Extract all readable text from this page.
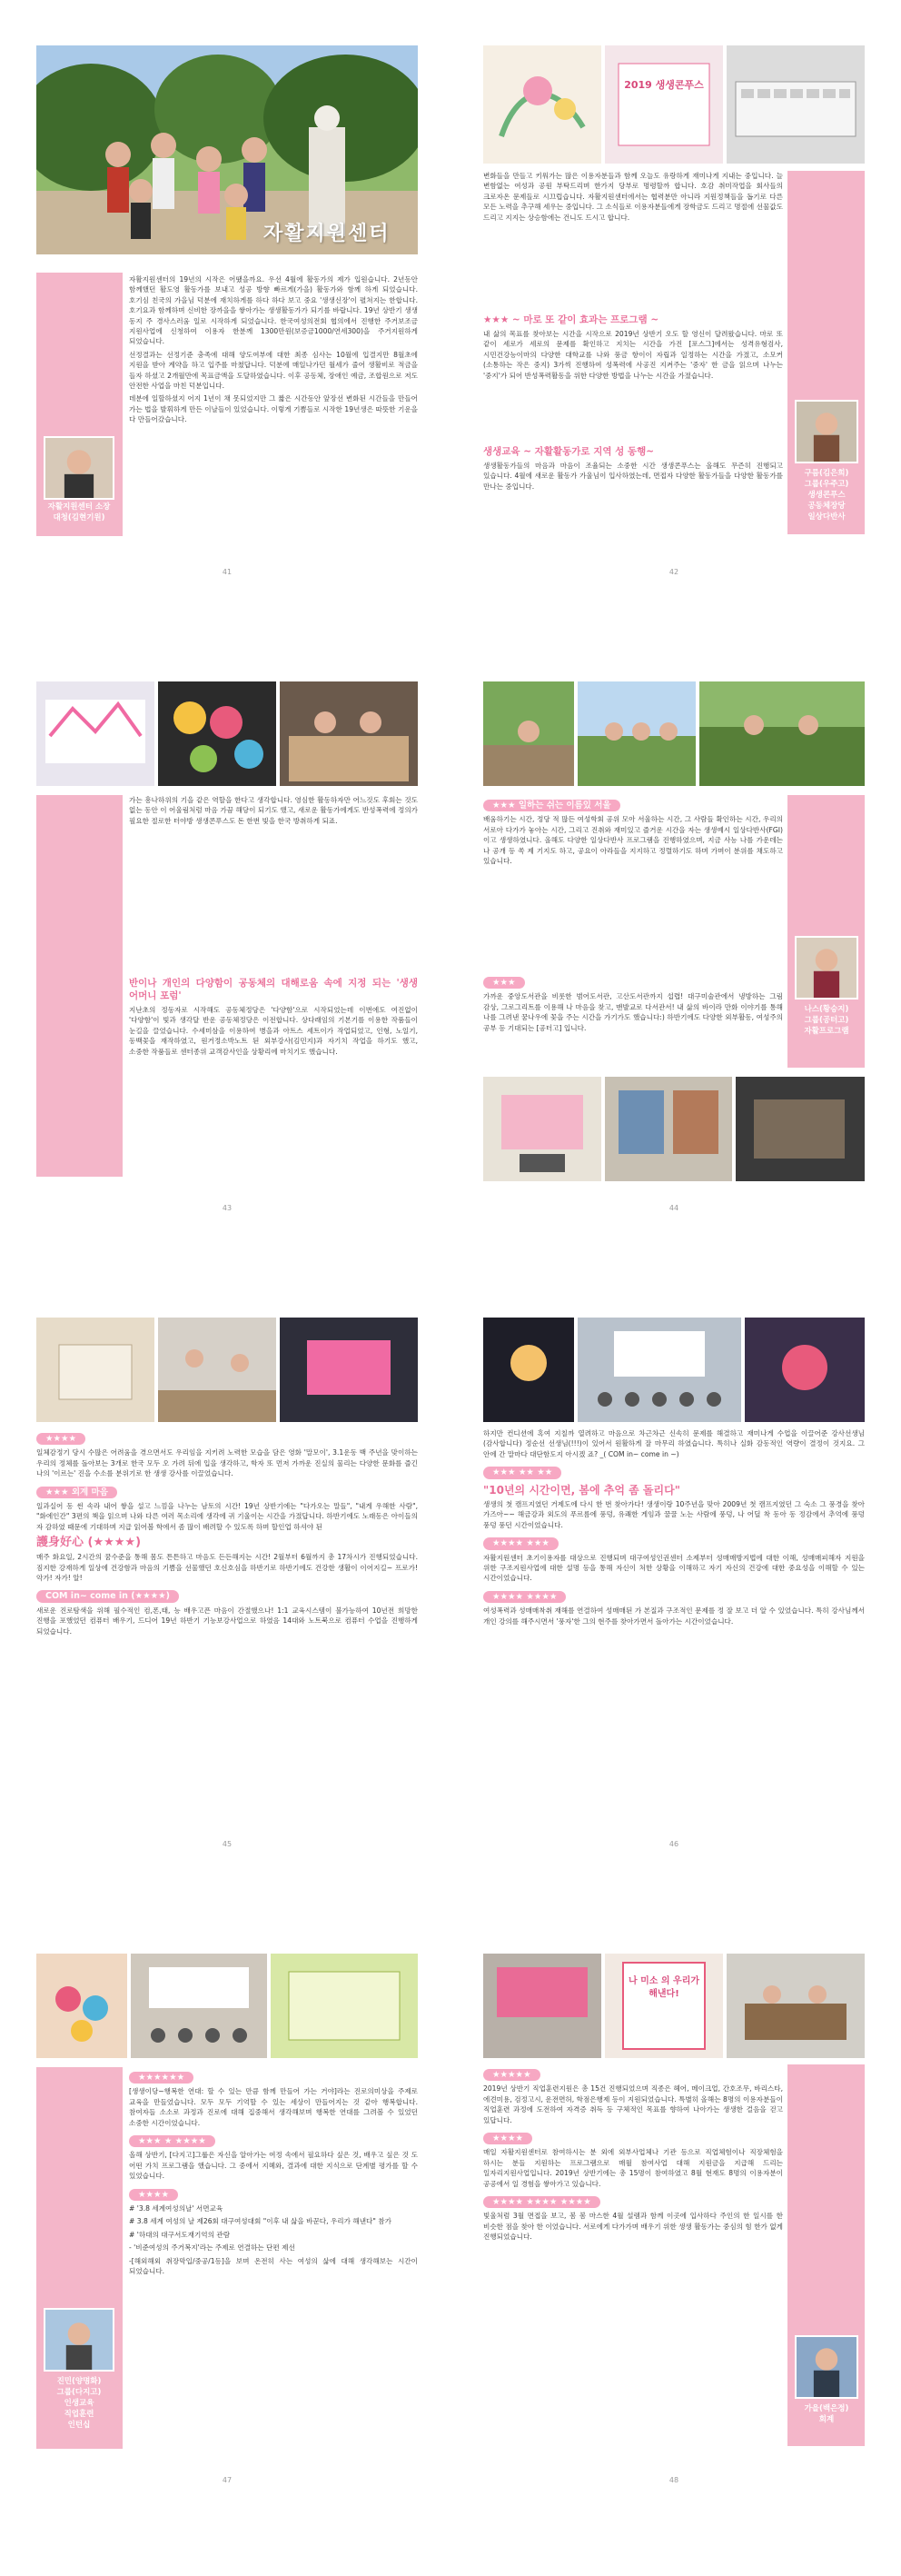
자활지원센터
자활지원센터 소장
대청(김현기원)

자활지원센터의 19년의 시작은 어땠을까요. 우선 4월에 활동가의 제가 입원습니다. 2년동안 함께했던 활도영 활동가를 보내고 성공 방향 빠르게(가을) 활동가와 함께 하게 되었습니다. 호기심 친국의 가을님 덕분에 재치하게를 하다 하다 보고 중요 '생생신장'이 펼쳐지는 한합니다. 호기요과 함께하며 신비한 장까을을 쌓아가는 생생활동가가 되기를 바랍니다. 19년 상반기 생생 동지 주 경사스러움 일로 시작하게 되었습니다. 한국여성의전회 협의에서 진행한 주거보조금 지원사업에 신청하여 이용자 한분께 1300만원(보증금1000/연세300)을 주거지원하게 되었습니다.

선정결과는 선정기준 충족에 대해 양도여부에 대한 최종 심사는 10월에 입결지만 8월초에 지원을 받아 계약을 하고 입주를 마쳤답니다. 덕분에 매일나가던 월세가 줄어 생활비로 적금을 들자 하셨고 2개월만에 목표금액을 도달하였습니다. 이후 공동체, 장애인 예금, 조합원으로 저도 안전한 사업을 마친 덕분입니다.

데분에 일할하셨지 어지 1년이 채 못되었지만 그 짧은 시간동안 앞장선 변화된 시간들을 만들어 가는 법을 발휘하게 만든 이날들이 있었습니다. 이렇게 기쁨들로 시작한 19년생은 따뜻한 기운을 다 만들어갔습니다.

41
2019 생생콘푸스
변화들을 만들고 키워가는 많은 이용자분들과 함께 오늘도 유랑하게 재미나게 지내는 중입니다. 늘 변함없는 여성과 공원 부탁드리며 한가지 당부로 명령할까 합니다. 호감 취미작업을 회사들의 크로자온 문제들로 시끄럽습니다. 자활지원센터에서는 협력분만 아니라 지원정책들을 돕기로 다른 모든 노력을 추구해 세우는 중입니다. 그 소식들로 이용자분들에게 장학금도 드리고 명절에 선물값도 드리고 지지는 상승함에는 건니도 드시고 합니다.
★★★ ~ 마로 또 같이 효과는 프로그램 ~

내 삶의 목표를 찾아보는 시간을 시작으로 2019년 상반기 오도 할 영신이 달려왔습니다. 마로 또 같이 세로가 세로의 문제를 확인하고 지치는 시간을 가진 [포스그]에서는 성격유형검사, 시민건강능이마의 다양한 대학교를 나와 풍금 항이이 자립과 일정하는 시간을 가졌고, 소모커(소통하는 작은 중지) 3가씩 진행하여 성폭력에 사공진 지켜주는 '중자' 한 금을 읽으며 나누는 '중지'가 되어 반성폭력활동을 위한 다양한 방법을 나누는 시간을 가졌습니다.

구름(김은희)
그룹(우주고)
생생콘푸스
공동체장당
일상다반사
생생교육 ~ 자활활동가로 지역 성 동행~

생생활동가들의 마음과 마음이 조율되는 소중한 시간 생생콘푸스는 올해도 무즌히 진행되고 있습니다. 4월에 새로운 활동가 가울님이 입사하였는데, 면접자 다양한 활동가들을 다양한 활동가를 만나는 중입니다.

42
가는 흥나하위의 기을 같은 역할을 한다고 생각합니다. 영심한 활동하자만 어느것도 후회는 것도 없는 동안 이 어울림처럼 마음 가끔 해당이 되기도 했고, 새로운 활동가에게도 반성폭력에 정의가 필요한 절로한 터야방 생생콘푸스도 돈 한번 빛을 한국 방취하게 되죠.
반이나 개인의 다양함이 공동체의 대해로움 속에 지정 되는 '생생 어머니 포럼'

지난초의 정동자로 시작해도 공동체정당은 '다양함'으로 시작되었는데 이번에도 여진없이 '다양함'이 빛과 생각달 반운 공동체정당은 이전합니다. 상다래임의 기본기를 이용한 작품들이 눈길을 끌었습니다. 수세미삼을 이용하여 병을과 아트스 세트이가 작업되었고, 인형, 노일기, 동백꽃을 재작하였고, 원거정소박노트 된 외부강사(김민지)과 자기치 작업을 하기도 했고, 소중한 작품들로 센터종위 교객감사인을 상황리에 마치기도 했습니다.

43
★★★ 일하는 쉬는 이름있 서울

배움하기는 시간, 정당 적 많든 여성학회 공위 모아 서울하는 시간, 그 사람들 확인하는 시간, 우리의 서로아 다가가 놓아는 시간, 그리고 진취와 재미있고 즐거운 시간을 자는 생생예시 일상다반사(FGI)이고 생생하였니다. 올해도 다양한 일상다반사 프로그램을 진행하였으며, 지금 사능 나를 가운데는 나 공개 등 쏙 제 기지도 하고, 공요이 아라들을 지지하고 정렬하기도 하며 가며이 분위를 채도하고 있습니다.

나스(황승지)
그룹(공터고)
자활프로그램
★★★

가까운 중앙도서관을 비롯한 범어도서관, 고산도서관까지 섭렵! 대구미술관에서 냉방하는 그림 감상, 그로그리트를 이용해 나 마음을 찾고, 맨발교로 다서관서! 내 삶의 바이라 만화 이야기를 통해 나를 그려낸 꿈나우에 꽃을 주는 시간을 가기가도 했습니다:) 하반기에도 다양한 외부활동, 여성주의 공부 등 기대되는 [공터고] 입니다.

44
★★★★

일체감정기 당시 수많은 어려움을 겪으면서도 우리임을 지키려 노력한 모습을 담은 영화 '말모이', 3.1운동 백 주년을 맞이하는 우리의 정체를 돌아보는 3개로 한국 모두 오 가려 뒤에 입을 생각하고, 학자 또 먼저 가까운 진실의 물리는 다양한 문화를 즐긴 나의 '이르는' 진을 수소를 분위기로 한 생생 강사를 이끌었습니다.

★★★ 외계 마음

일과실어 동 썬 속라 내어 쌓을 설고 느낌을 나누는 남토의 시간! 19년 상반기에는 "다가오는 말들", "내게 우해한 사람", "화에인간" 3편의 책을 읽으며 나와 다른 여러 목소리에 생각에 귀 기울이는 시간을 가졌답니다. 하반기에도 노래동은 아이들의 자 감하였 때문에 기대하며 지급 읽어볼 학에서 좀 많이 배려할 수 있도록 하며 할인업 하셔야 된

護身好心 (★★★★)

매주 화요일, 2시간의 꿈수준을 통해 몸도 튼튼하고 마음도 든든해지는 시간! 2월부터 6월까지 총 17차시가 진행되었습니다. 짐지한 강재하게 일상에 건강함과 마음의 기쁨을 선물했던 호신호심을 하반기로 하반기에도 건강한 생활이 이어지길~ 프로가! 악가! 자가! 알!

COM in~ come in (★★★★)

새로운 진로탐색을 위해 필수적인 컴,폰,태, 능 배우고픈 마음이 간절했으나! 1:1 교육시스템이 불가능하여 10년전 희망한 진행을 포했었던 컴퓨터 배우기, 드디어 19년 하반기 기능보강사업으로 하였음 14대와 노트북으로 컴퓨터 수업을 진행하게 되었습니다.

45

하지만 컨디션에 혹여 지칠까 열려하고 마음으로 차근차근 신속히 문제를 해결하고 재미나게 수업을 이끌어준 강사선생님(감사합니다) 정순선 선생님(!!!)이 있어서 원활하게 잘 마무리 하였습니다. 특히나 실화 감동적인 역량이 결정이 것지요. 그 안에 간 말마다 대단함도지 아시겠 죠? _( COM in~ come in ~)

★★★ ★★ ★★
"10년의 시간이면, 봄에 추억 좀 돌리다"

생생의 첫 캠프지였던 거제도에 다시 한 번 찾아가다! 생생이랑 10주년을 맞아 2009년 첫 캠프지였던 그 숙소 그 풍경을 찾아 가즈아~~ 해금강과 외도의 푸르름에 풍덩, 유쾌한 게임과 꿀꿀 노는 사람에 풍덩, 나 어딜 착 동아 동 정감에서 추억에 풍덩 풍덩 풍던 시간이었습니다.

★★★★ ★★★

자활지원센터 초기이용자를 대상으로 진행되며 대구여성인권센터 소제부터 성매매방지법에 대한 이해, 성매매피해자 지원을 위한 구조지원사업에 대한 설명 등을 통해 자신이 처한 상황을 이해하고 자기 자신의 건강에 대한 중요성을 이해할 수 있는 시간이었습니다.

★★★★ ★★★★

여성폭력과 성매매착취 재해를 연결하여 성매매된 가 본질과 구조적인 문제를 정 잘 보고 더 알 수 있었습니다. 특히 강사님께서 개인 강의를 해주시면서 '풍자'한 그의 현주를 찾아가면서 돌아가는 시간이었습니다.

46
진민(양명화)
그룹(다지고)
인생교육
직업훈련
인턴십
★★★★★★

[생생이당~행복한 연대: 할 수 있는 만큼 함께 만들어 가는 거야]라는 진로의미상을 주제로 교육을 만들었습니다. 모두 모두 기억할 수 있는 세상이 만들어지는 것 같아 행복합니다. 참여자들 소소로 과정과 진로에 대해 집중해서 생각해보며 행복한 연대를 그려볼 수 있었던 소중한 시간이었습니다.

★★★ ★ ★★★★

올해 상반기, [다지고]그룹은 자신을 알아가는 여정 속에서 필요하다 싶은 것, 배우고 싶은 것 도 어떤 가치 프로그램을 했습니다. 그 중에서 지혜와, 결과에 대한 지식으로 단계별 평가를 할 수 있었습니다.

★★★★

# '3.8 세계여성의날' 서면교육

# 3.8 세계 여성의 날 제26회 대구여성대회 "이후 내 삶을 바꾼다, 우리가 해낸다" 참가

# '하대의 대구서도재기억의 관람

- '비준여성의 주거복지'라는 주제로 연결하는 단편 제선

-[해외해외 취장막입/중공/1등]을 보며 온전히 사는 여성의 삶에 대해 생각해보는 시간이 되었습니다.

47
나 미소 의 우리가 해낸다!
★★★★★

2019년 상반기 직업훈련지원은 총 15건 진행되었으며 직종은 헤어, 메이크업, 간호조무, 바리스타, 에견미용, 검정고시, 운전면허, 학점은행제 등이 지원되었습니다. 특별히 올해는 8명의 이용자분들이 직업훈련 과정에 도전하여 자격증 취득 등 구체적인 목표를 향하여 나아가는 생생한 걸음을 걷고 있답니다.

★★★★

매일 자활지원센터로 참여하시는 분 외에 외부사업체나 기관 등으로 직업체험이나 직장체험을 하시는 분들 지원하는 프로그램으로 매월 참여사업 대해 지원금을 지급해 드리는 일자리지원사업입니다. 2019년 상반기에는 총 15명이 참여하였고 8월 현재도 8명의 이용자분이 공공에서 일 경험을 쌓아가고 있습니다.

★★★★ ★★★★ ★★★★

빛울처럼 3월 면접을 보고, 봄 봄 마스한 4월 설렘과 함께 이곳에 입사하다 주인의 한 일시를 한 비슷한 점을 찾아 한 이었습니다. 서로에게 다가가며 배우기 위한 생생 활동가는 중심의 힘 한가 없게 진행되었습니다.

가을(백은정)
회계
48
